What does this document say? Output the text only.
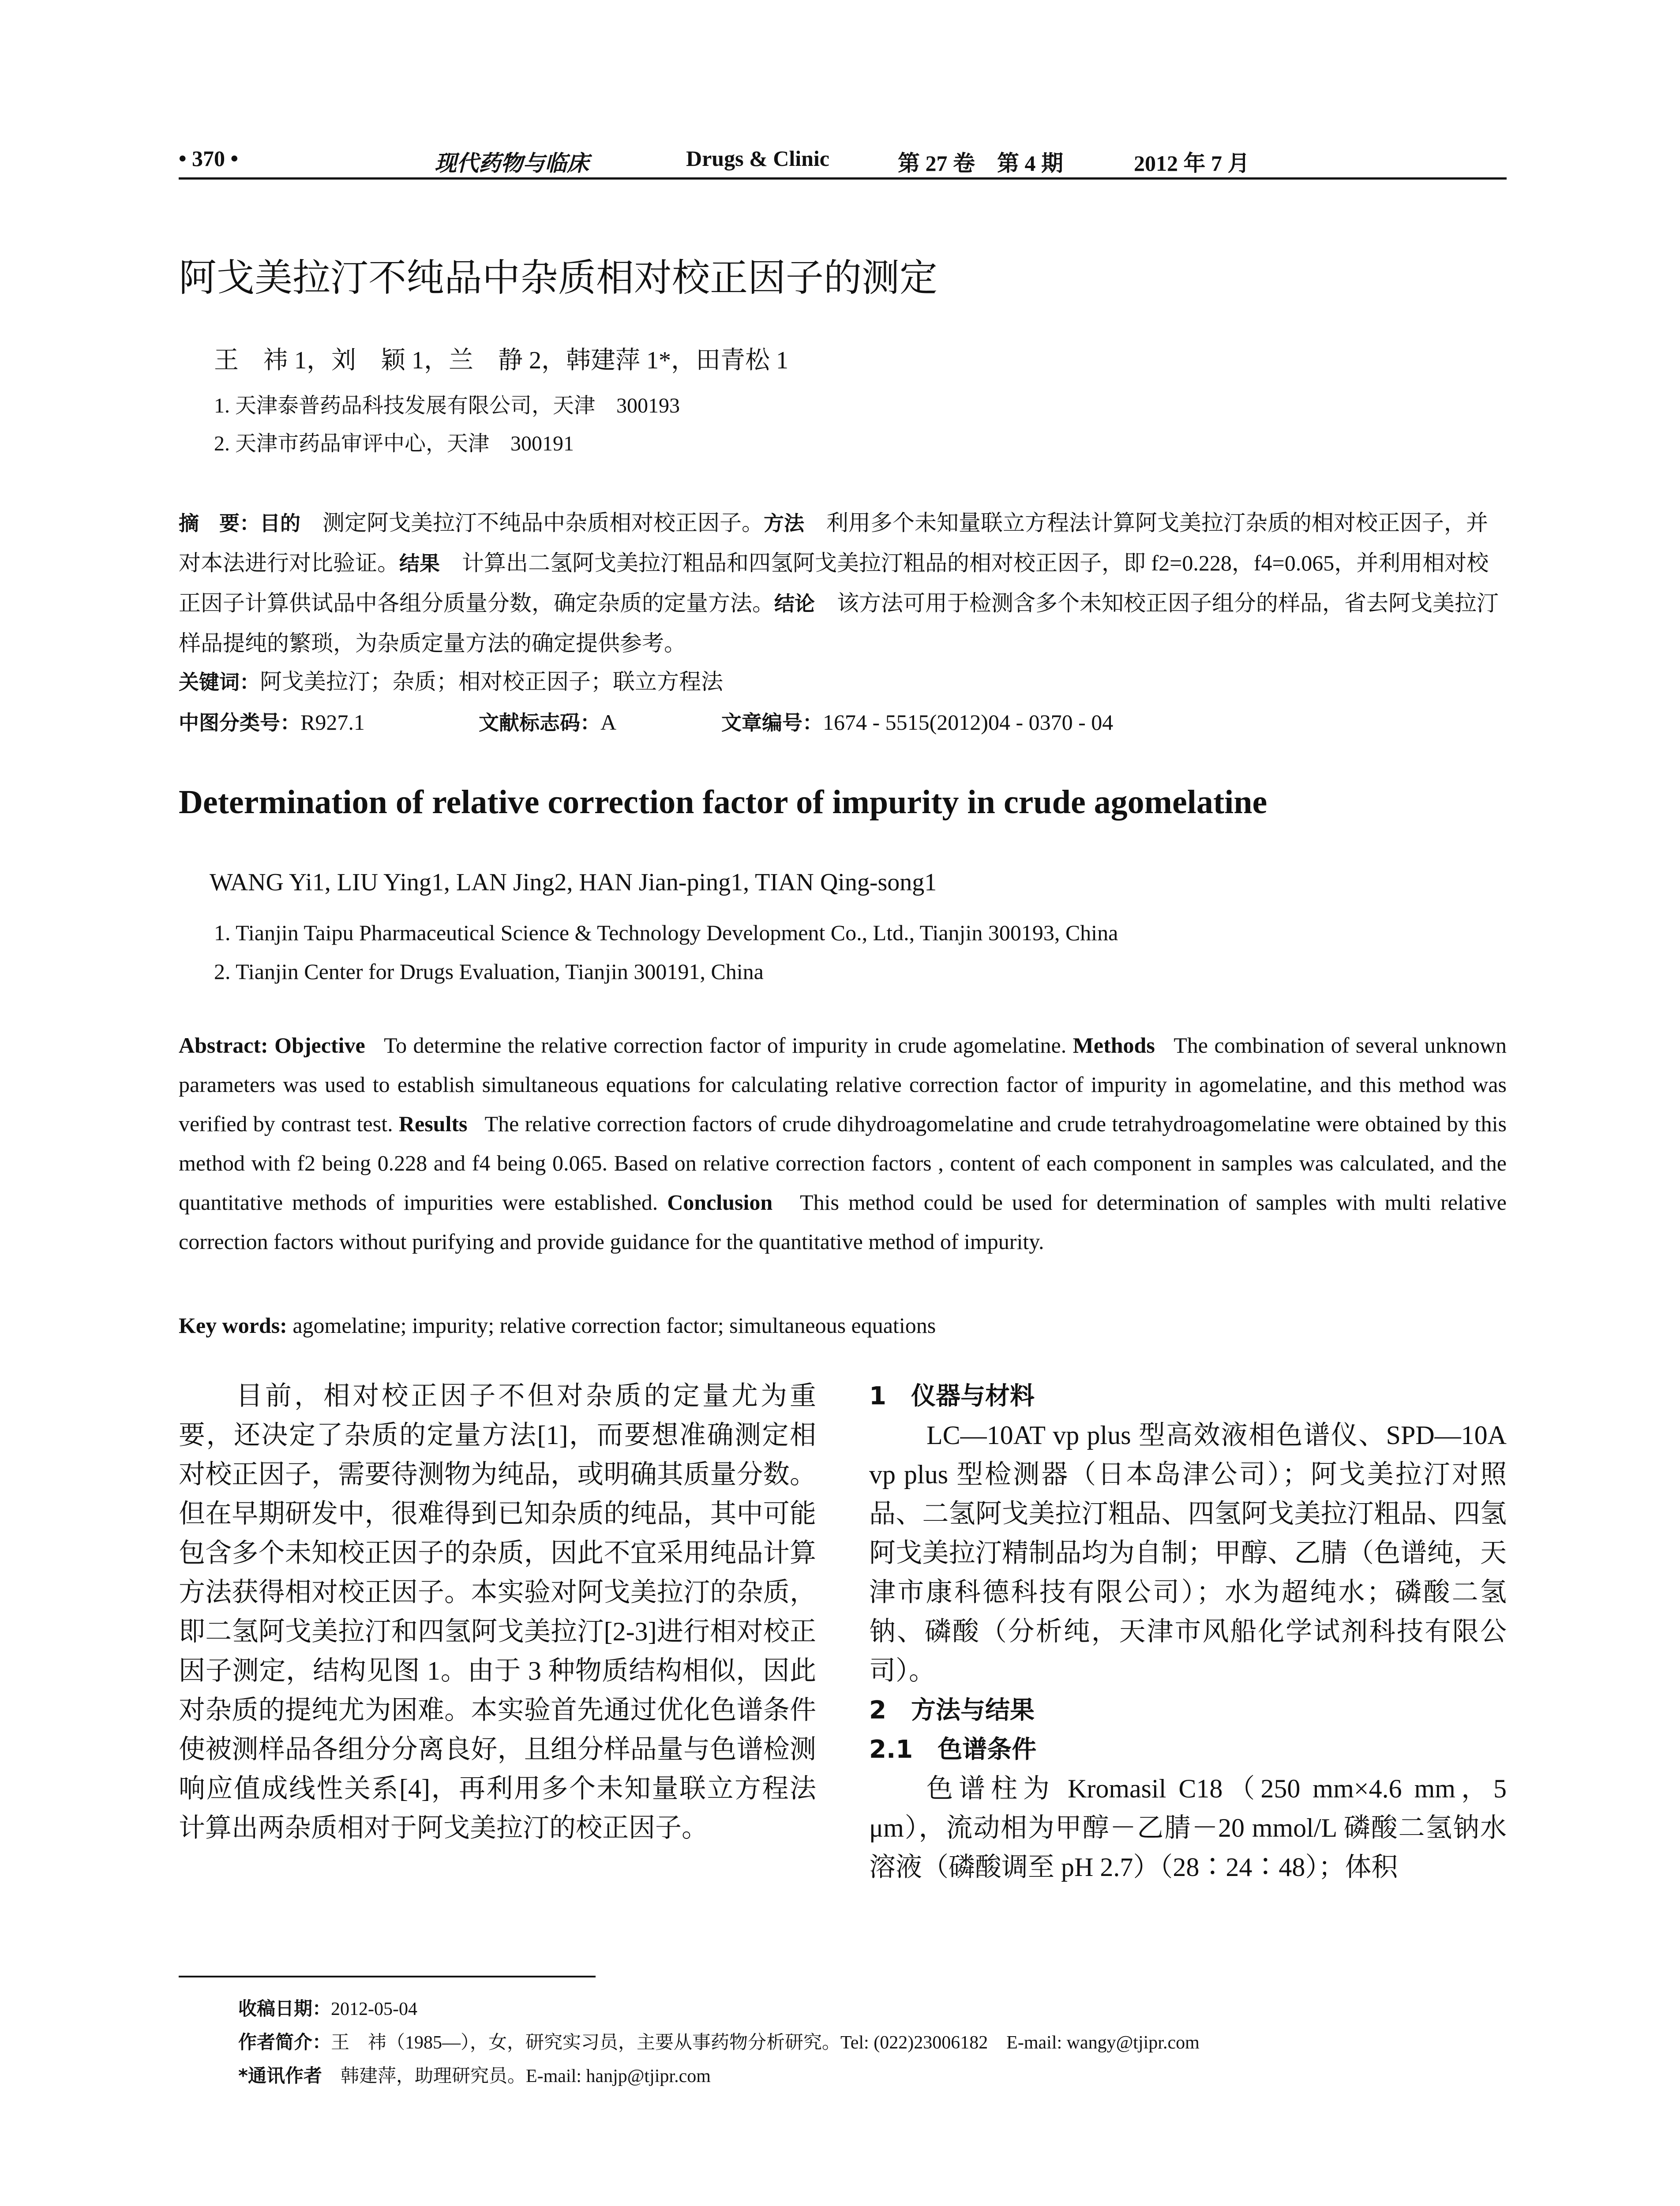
• 370 •	现代药物与临床	Drugs & Clinic	第 27 卷　第 4 期	2012 年 7 月
阿戈美拉汀不纯品中杂质相对校正因子的测定
王　祎 1，刘　颖 1，兰　静 2，韩建萍 1*，田青松 1
1. 天津泰普药品科技发展有限公司，天津　300193
2. 天津市药品审评中心，天津　300191
摘　要：目的　测定阿戈美拉汀不纯品中杂质相对校正因子。方法　利用多个未知量联立方程法计算阿戈美拉汀杂质的相对校正因子，并对本法进行对比验证。结果　计算出二氢阿戈美拉汀粗品和四氢阿戈美拉汀粗品的相对校正因子，即 f2=0.228，f4=0.065，并利用相对校正因子计算供试品中各组分质量分数，确定杂质的定量方法。结论　该方法可用于检测含多个未知校正因子组分的样品，省去阿戈美拉汀样品提纯的繁琐，为杂质定量方法的确定提供参考。
关键词：阿戈美拉汀；杂质；相对校正因子；联立方程法
中图分类号：R927.1	文献标志码：A	文章编号：1674 - 5515(2012)04 - 0370 - 04
Determination of relative correction factor of impurity in crude agomelatine
WANG Yi1, LIU Ying1, LAN Jing2, HAN Jian-ping1, TIAN Qing-song1
1. Tianjin Taipu Pharmaceutical Science & Technology Development Co., Ltd., Tianjin 300193, China
2. Tianjin Center for Drugs Evaluation, Tianjin 300191, China
Abstract: Objective To determine the relative correction factor of impurity in crude agomelatine. Methods The combination of several unknown parameters was used to establish simultaneous equations for calculating relative correction factor of impurity in agomelatine, and this method was verified by contrast test. Results The relative correction factors of crude dihydroagomelatine and crude tetrahydroagomelatine were obtained by this method with f2 being 0.228 and f4 being 0.065. Based on relative correction factors , content of each component in samples was calculated, and the quantitative methods of impurities were established. Conclusion This method could be used for determination of samples with multi relative correction factors without purifying and provide guidance for the quantitative method of impurity.
Key words: agomelatine; impurity; relative correction factor; simultaneous equations

目前，相对校正因子不但对杂质的定量尤为重要，还决定了杂质的定量方法[1]，而要想准确测定相对校正因子，需要待测物为纯品，或明确其质量分数。但在早期研发中，很难得到已知杂质的纯品，其中可能包含多个未知校正因子的杂质，因此不宜采用纯品计算方法获得相对校正因子。本实验对阿戈美拉汀的杂质，即二氢阿戈美拉汀和四氢阿戈美拉汀[2-3]进行相对校正因子测定，结构见图 1。由于 3 种物质结构相似，因此对杂质的提纯尤为困难。本实验首先通过优化色谱条件使被测样品各组分分离良好，且组分样品量与色谱检测响应值成线性关系[4]，再利用多个未知量联立方程法计算出两杂质相对于阿戈美拉汀的校正因子。

1　仪器与材料

LC—10AT vp plus 型高效液相色谱仪、SPD—10A vp plus 型检测器（日本岛津公司）；阿戈美拉汀对照品、二氢阿戈美拉汀粗品、四氢阿戈美拉汀粗品、四氢阿戈美拉汀精制品均为自制；甲醇、乙腈（色谱纯，天津市康科德科技有限公司）；水为超纯水；磷酸二氢钠、磷酸（分析纯，天津市风船化学试剂科技有限公司）。

2　方法与结果

2.1　色谱条件

色谱柱为 Kromasil C18（250 mm×4.6 mm，5 μm），流动相为甲醇－乙腈－20 mmol/L 磷酸二氢钠水溶液（磷酸调至 pH 2.7）（28∶24∶48）；体积

收稿日期：2012-05-04
作者简介：王　祎（1985—），女，研究实习员，主要从事药物分析研究。Tel: (022)23006182　E-mail: wangy@tjipr.com
*通讯作者　韩建萍，助理研究员。E-mail: hanjp@tjipr.com
